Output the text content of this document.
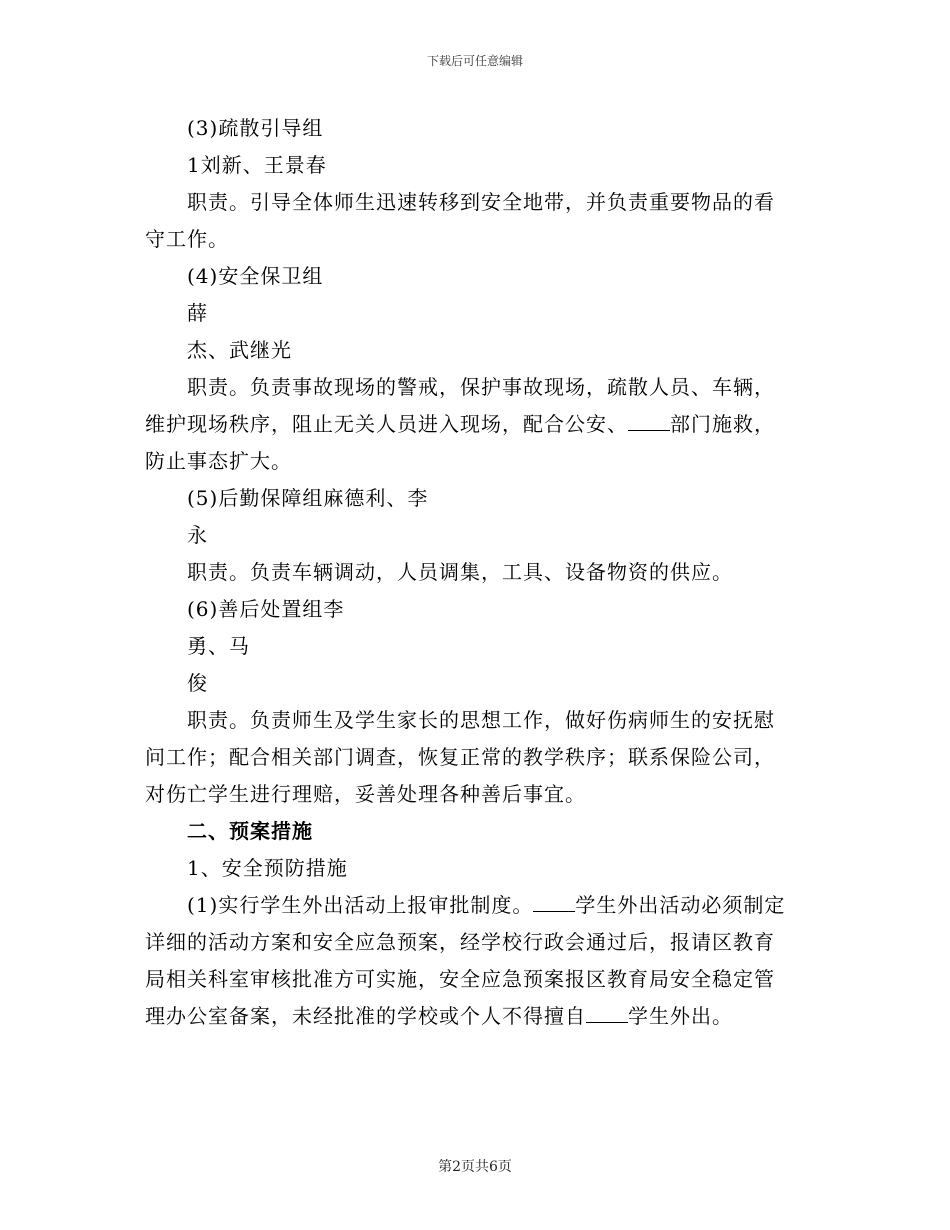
下载后可任意编辑

(3)疏散引导组

1刘新、王景春

职责。引导全体师生迅速转移到安全地带，并负责重要物品的看

守工作。

(4)安全保卫组

薛

杰、武继光

职责。负责事故现场的警戒，保护事故现场，疏散人员、车辆，

维护现场秩序，阻止无关人员进入现场，配合公安、 部门施救，

防止事态扩大。

(5)后勤保障组麻德利、李

永

职责。负责车辆调动，人员调集，工具、设备物资的供应。

(6)善后处置组李

勇、马

俊

职责。负责师生及学生家长的思想工作，做好伤病师生的安抚慰

问工作；配合相关部门调查，恢复正常的教学秩序；联系保险公司，

对伤亡学生进行理赔，妥善处理各种善后事宜。

二、预案措施

1、安全预防措施

(1)实行学生外出活动上报审批制度。 学生外出活动必须制定

详细的活动方案和安全应急预案，经学校行政会通过后，报请区教育

局相关科室审核批准方可实施，安全应急预案报区教育局安全稳定管

理办公室备案，未经批准的学校或个人不得擅自 学生外出。

第2页共6页
